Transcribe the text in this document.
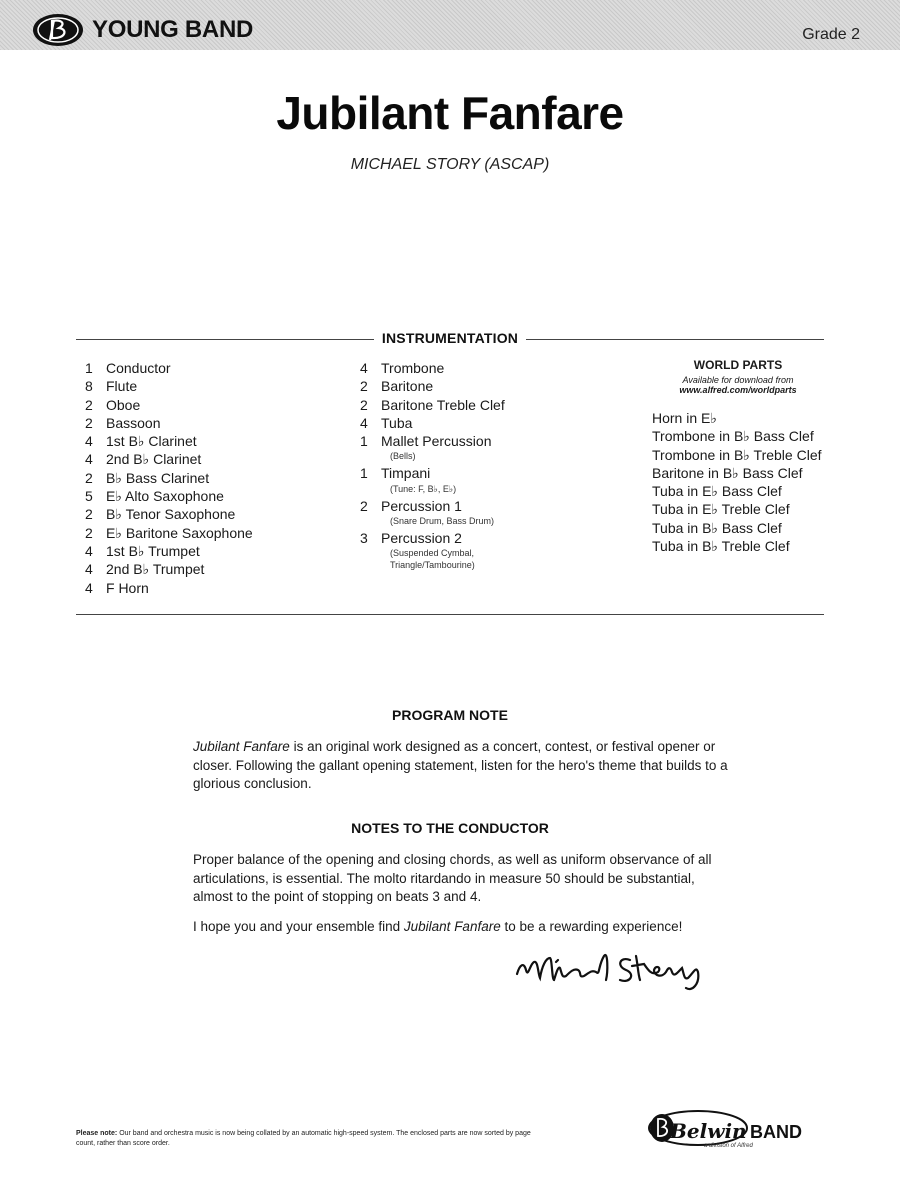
YOUNG BAND	Grade 2
Jubilant Fanfare
MICHAEL STORY (ASCAP)
INSTRUMENTATION
1 Conductor
8 Flute
2 Oboe
2 Bassoon
4 1st B♭ Clarinet
4 2nd B♭ Clarinet
2 B♭ Bass Clarinet
5 E♭ Alto Saxophone
2 B♭ Tenor Saxophone
2 E♭ Baritone Saxophone
4 1st B♭ Trumpet
4 2nd B♭ Trumpet
4 F Horn
4 Trombone
2 Baritone
2 Baritone Treble Clef
4 Tuba
1 Mallet Percussion
(Bells)
1 Timpani
(Tune: F, B♭, E♭)
2 Percussion 1
(Snare Drum, Bass Drum)
3 Percussion 2
(Suspended Cymbal,
Triangle/Tambourine)
WORLD PARTS
Available for download from
www.alfred.com/worldparts
Horn in E♭
Trombone in B♭ Bass Clef
Trombone in B♭ Treble Clef
Baritone in B♭ Bass Clef
Tuba in E♭ Bass Clef
Tuba in E♭ Treble Clef
Tuba in B♭ Bass Clef
Tuba in B♭ Treble Clef
PROGRAM NOTE
Jubilant Fanfare is an original work designed as a concert, contest, or festival opener or closer. Following the gallant opening statement, listen for the hero's theme that builds to a glorious conclusion.
NOTES TO THE CONDUCTOR
Proper balance of the opening and closing chords, as well as uniform observance of all articulations, is essential. The molto ritardando in measure 50 should be substantial, almost to the point of stopping on beats 3 and 4.
I hope you and your ensemble find Jubilant Fanfare to be a rewarding experience!
Please note: Our band and orchestra music is now being collated by an automatic high-speed system. The enclosed parts are now sorted by page count, rather than score order.
Belwin BAND
a division of Alfred
